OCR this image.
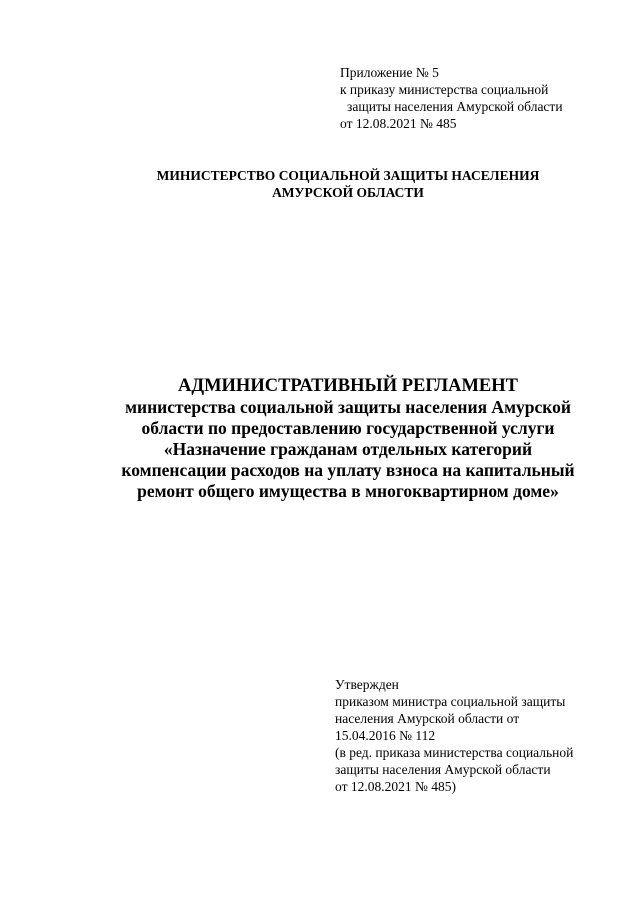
Приложение № 5
к приказу министерства социальной
защиты населения Амурской области
от 12.08.2021 № 485
МИНИСТЕРСТВО СОЦИАЛЬНОЙ ЗАЩИТЫ НАСЕЛЕНИЯ
АМУРСКОЙ ОБЛАСТИ
АДМИНИСТРАТИВНЫЙ РЕГЛАМЕНТ
министерства социальной защиты населения Амурской
области по предоставлению государственной услуги
«Назначение гражданам отдельных категорий
компенсации расходов на уплату взноса на капитальный
ремонт общего имущества в многоквартирном доме»
Утвержден
приказом министра социальной защиты
населения Амурской области от
15.04.2016 № 112
(в ред. приказа министерства социальной
защиты населения Амурской области
от 12.08.2021 № 485)
